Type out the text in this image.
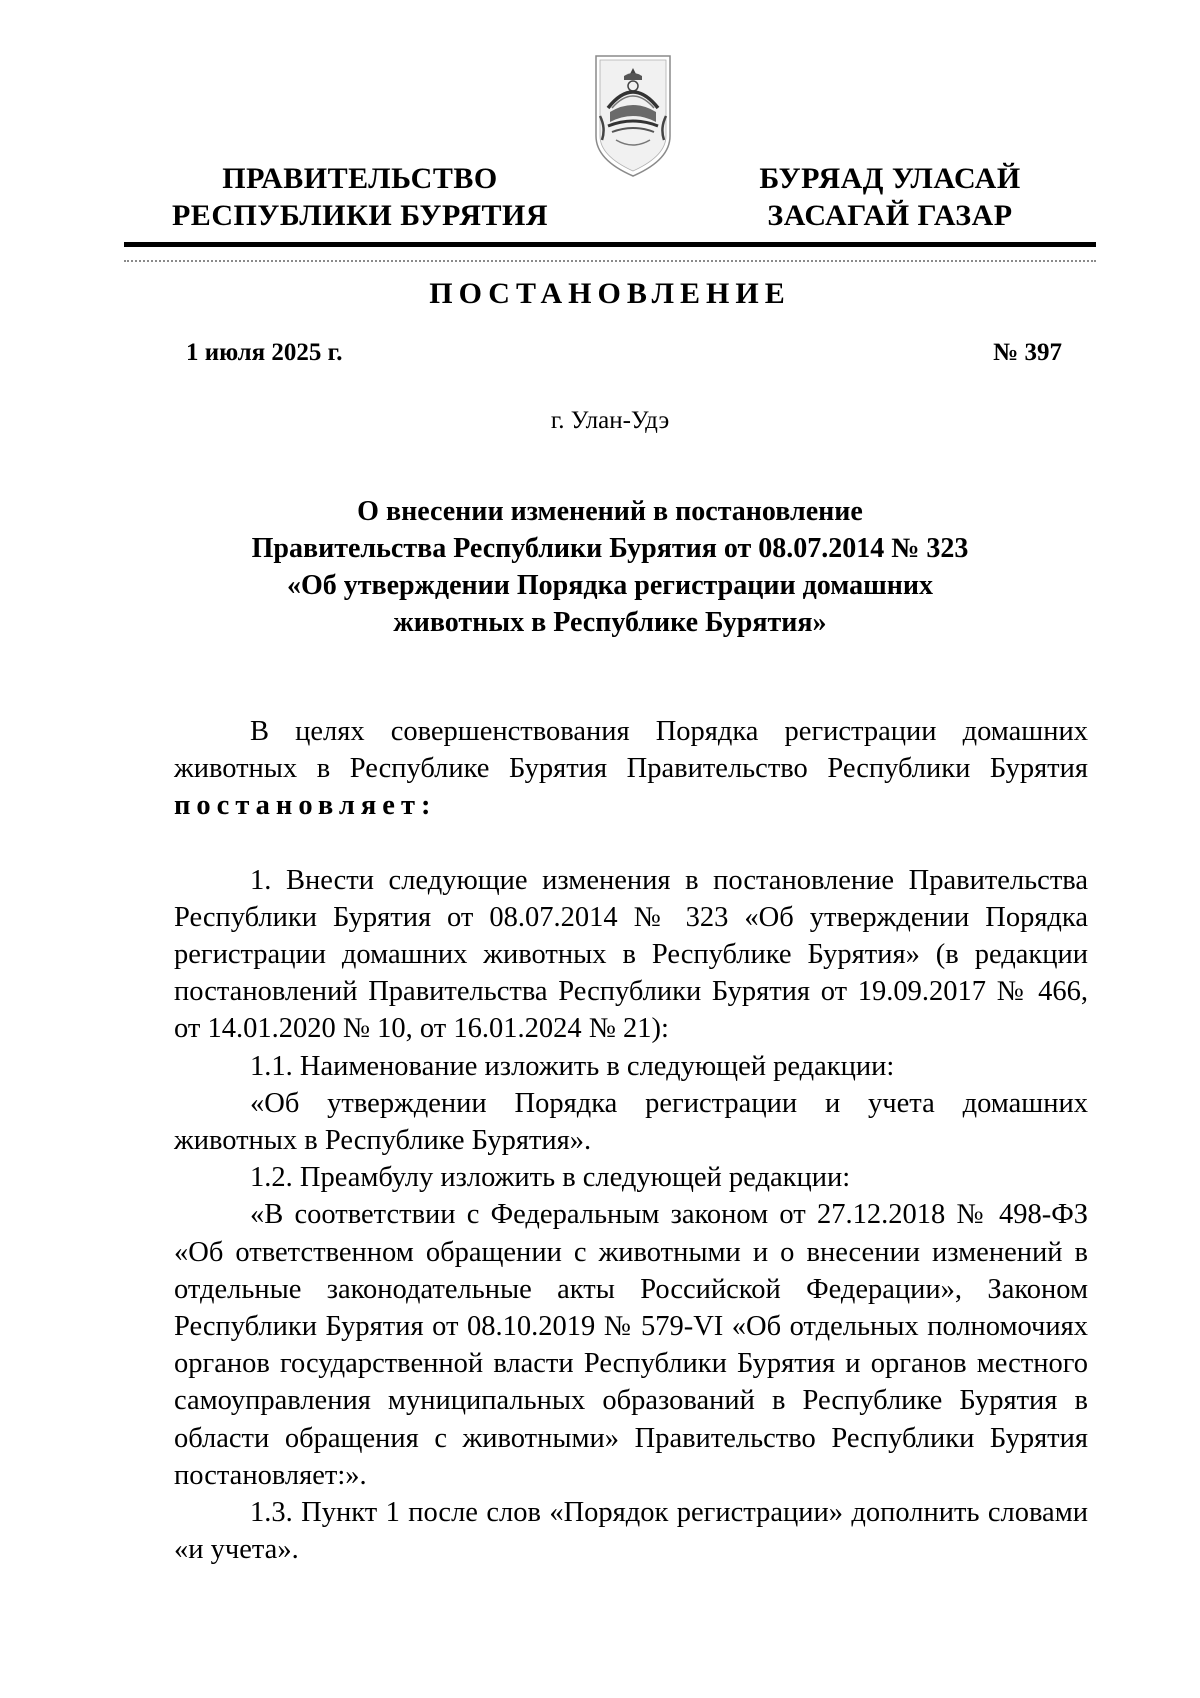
ПРАВИТЕЛЬСТВО
РЕСПУБЛИКИ БУРЯТИЯ
БУРЯАД УЛАСАЙ
ЗАСАГАЙ ГАЗАР
ПОСТАНОВЛЕНИЕ
1 июля 2025 г.	№ 397
г. Улан-Удэ
О внесении изменений в постановление
Правительства Республики Бурятия от 08.07.2014 № 323
«Об утверждении Порядка регистрации домашних
животных в Республике Бурятия»

В целях совершенствования Порядка регистрации домашних животных в Республике Бурятия Правительство Республики Бурятия постановляет:

1. Внести следующие изменения в постановление Правительства Республики Бурятия от 08.07.2014 № 323 «Об утверждении Порядка регистрации домашних животных в Республике Бурятия» (в редакции постановлений Правительства Республики Бурятия от 19.09.2017 № 466, от 14.01.2020 № 10, от 16.01.2024 № 21):

1.1. Наименование изложить в следующей редакции:

«Об утверждении Порядка регистрации и учета домашних животных в Республике Бурятия».

1.2. Преамбулу изложить в следующей редакции:

«В соответствии с Федеральным законом от 27.12.2018 № 498-ФЗ «Об ответственном обращении с животными и о внесении изменений в отдельные законодательные акты Российской Федерации», Законом Республики Бурятия от 08.10.2019 № 579-VI «Об отдельных полномочиях органов государственной власти Республики Бурятия и органов местного самоуправления муниципальных образований в Республике Бурятия в области обращения с животными» Правительство Республики Бурятия постановляет:».

1.3. Пункт 1 после слов «Порядок регистрации» дополнить словами «и учета».
